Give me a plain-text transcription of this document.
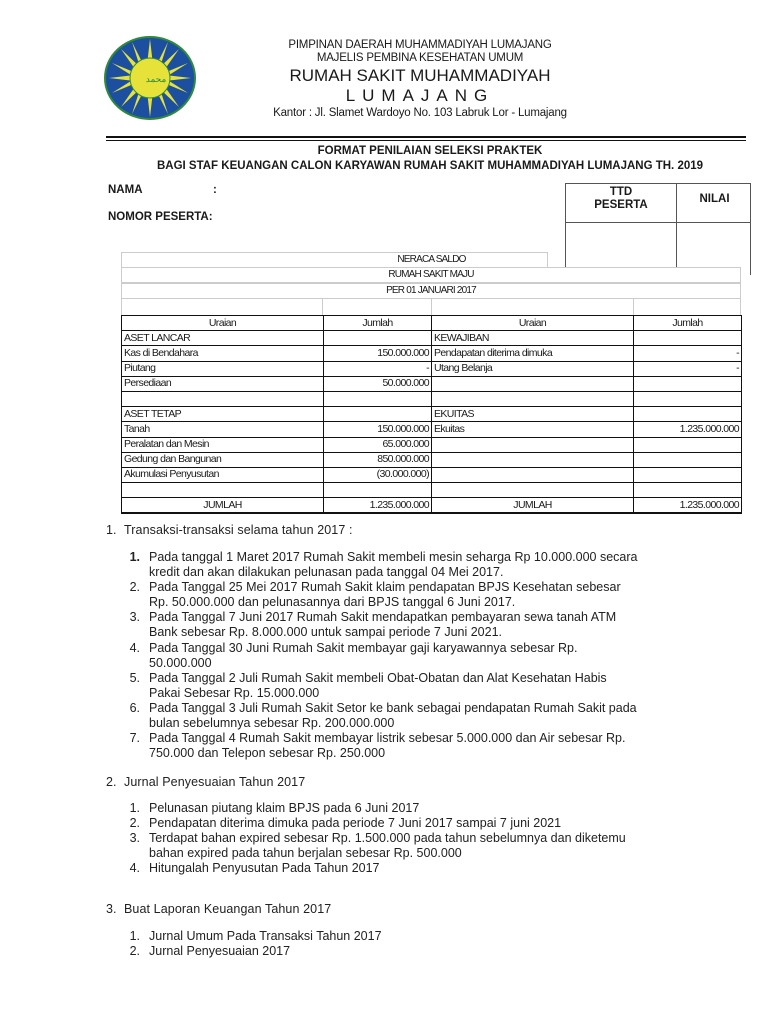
محمد
PIMPINAN DAERAH MUHAMMADIYAH LUMAJANG
MAJELIS PEMBINA KESEHATAN UMUM
RUMAH SAKIT MUHAMMADIYAH
LUMAJANG
Kantor : Jl. Slamet Wardoyo No. 103 Labruk Lor - Lumajang
FORMAT PENILAIAN SELEKSI PRAKTEK
BAGI STAF KEUANGAN CALON KARYAWAN RUMAH SAKIT MUHAMMADIYAH LUMAJANG TH. 2019
NAMA	:
NOMOR PESERTA:
TTD
PESERTA	NILAI
NERACA SALDO
RUMAH SAKIT MAJU
PER 01 JANUARI 2017
Uraian	Jumlah	Uraian	Jumlah
ASET LANCAR		KEWAJIBAN	
Kas di Bendahara	150.000.000	Pendapatan diterima dimuka	-
Piutang	-	Utang Belanja	-
Persediaan	50.000.000		

ASET TETAP		EKUITAS	
Tanah	150.000.000	Ekuitas	1.235.000.000
Peralatan dan Mesin	65.000.000		
Gedung dan Bangunan	850.000.000		
Akumulasi Penyusutan	(30.000.000)		

JUMLAH	1.235.000.000	JUMLAH	1.235.000.000
1. Transaksi-transaksi selama tahun 2017 :
1. Pada tanggal 1 Maret 2017 Rumah Sakit membeli mesin seharga Rp 10.000.000 secara
kredit dan akan dilakukan pelunasan pada tanggal 04 Mei 2017.
2. Pada Tanggal 25 Mei 2017 Rumah Sakit klaim pendapatan BPJS Kesehatan sebesar
Rp. 50.000.000 dan pelunasannya dari BPJS tanggal 6 Juni 2017.
3. Pada Tanggal 7 Juni 2017 Rumah Sakit mendapatkan pembayaran sewa tanah ATM
Bank sebesar Rp. 8.000.000 untuk sampai periode 7 Juni 2021.
4. Pada Tanggal 30 Juni Rumah Sakit membayar gaji karyawannya sebesar Rp.
50.000.000
5. Pada Tanggal 2 Juli Rumah Sakit membeli Obat-Obatan dan Alat Kesehatan Habis
Pakai Sebesar Rp. 15.000.000
6. Pada Tanggal 3 Juli Rumah Sakit Setor ke bank sebagai pendapatan Rumah Sakit pada
bulan sebelumnya sebesar Rp. 200.000.000
7. Pada Tanggal 4 Rumah Sakit membayar listrik sebesar 5.000.000 dan Air sebesar Rp.
750.000 dan Telepon sebesar Rp. 250.000
2. Jurnal Penyesuaian Tahun 2017
1. Pelunasan piutang klaim BPJS pada 6 Juni 2017
2. Pendapatan diterima dimuka pada periode 7 Juni 2017 sampai 7 juni 2021
3. Terdapat bahan expired sebesar Rp. 1.500.000 pada tahun sebelumnya dan diketemu
bahan expired pada tahun berjalan sebesar Rp. 500.000
4. Hitungalah Penyusutan Pada Tahun 2017
3. Buat Laporan Keuangan Tahun 2017
1. Jurnal Umum Pada Transaksi Tahun 2017
2. Jurnal Penyesuaian 2017
